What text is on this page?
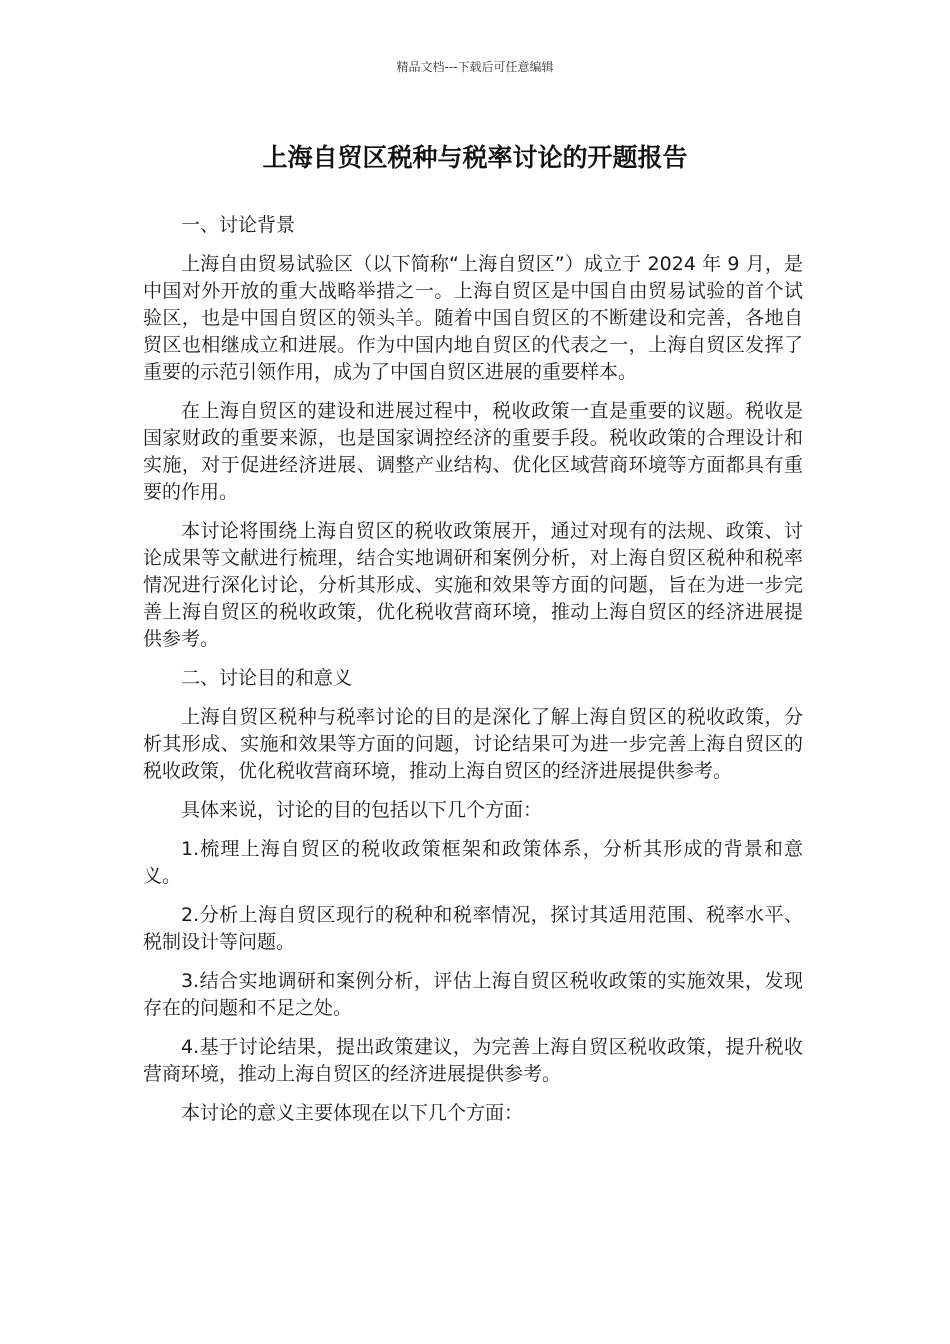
精品文档---下载后可任意编辑
上海自贸区税种与税率讨论的开题报告

一、讨论背景

上海自由贸易试验区（以下简称“上海自贸区”）成立于 2024 年 9 月，是中国对外开放的重大战略举措之一。上海自贸区是中国自由贸易试验的首个试验区，也是中国自贸区的领头羊。随着中国自贸区的不断建设和完善，各地自贸区也相继成立和进展。作为中国内地自贸区的代表之一，上海自贸区发挥了重要的示范引领作用，成为了中国自贸区进展的重要样本。

在上海自贸区的建设和进展过程中，税收政策一直是重要的议题。税收是国家财政的重要来源，也是国家调控经济的重要手段。税收政策的合理设计和实施，对于促进经济进展、调整产业结构、优化区域营商环境等方面都具有重要的作用。

本讨论将围绕上海自贸区的税收政策展开，通过对现有的法规、政策、讨论成果等文献进行梳理，结合实地调研和案例分析，对上海自贸区税种和税率情况进行深化讨论，分析其形成、实施和效果等方面的问题，旨在为进一步完善上海自贸区的税收政策，优化税收营商环境，推动上海自贸区的经济进展提供参考。

二、讨论目的和意义

上海自贸区税种与税率讨论的目的是深化了解上海自贸区的税收政策，分析其形成、实施和效果等方面的问题，讨论结果可为进一步完善上海自贸区的税收政策，优化税收营商环境，推动上海自贸区的经济进展提供参考。

具体来说，讨论的目的包括以下几个方面：

1.梳理上海自贸区的税收政策框架和政策体系，分析其形成的背景和意义。

2.分析上海自贸区现行的税种和税率情况，探讨其适用范围、税率水平、税制设计等问题。

3.结合实地调研和案例分析，评估上海自贸区税收政策的实施效果，发现存在的问题和不足之处。

4.基于讨论结果，提出政策建议，为完善上海自贸区税收政策，提升税收营商环境，推动上海自贸区的经济进展提供参考。

本讨论的意义主要体现在以下几个方面：
